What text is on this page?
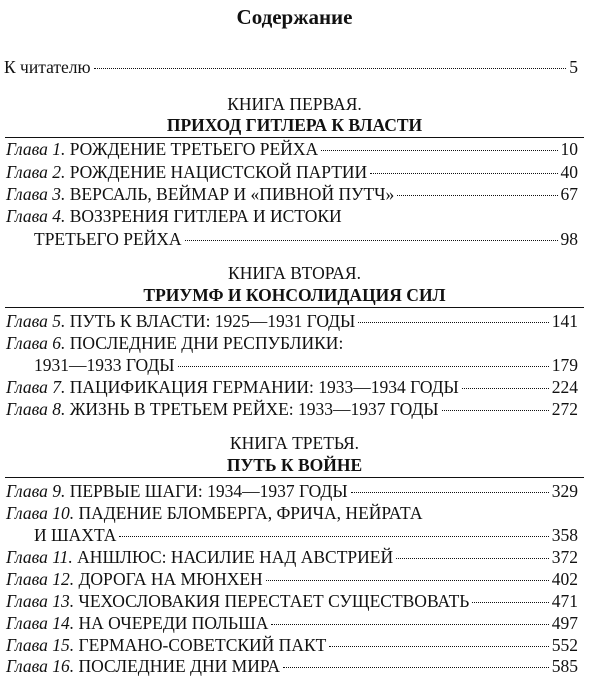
Содержание
К читателю	5
КНИГА ПЕРВАЯ.
ПРИХОД ГИТЛЕРА К ВЛАСТИ
Глава 1. РОЖДЕНИЕ ТРЕТЬЕГО РЕЙХА	10
Глава 2. РОЖДЕНИЕ НАЦИСТСКОЙ ПАРТИИ	40
Глава 3. ВЕРСАЛЬ, ВЕЙМАР И «ПИВНОЙ ПУТЧ»	67
Глава 4. ВОЗЗРЕНИЯ ГИТЛЕРА И ИСТОКИ
ТРЕТЬЕГО РЕЙХА	98
КНИГА ВТОРАЯ.
ТРИУМФ И КОНСОЛИДАЦИЯ СИЛ
Глава 5. ПУТЬ К ВЛАСТИ: 1925—1931 ГОДЫ	141
Глава 6. ПОСЛЕДНИЕ ДНИ РЕСПУБЛИКИ:
1931—1933 ГОДЫ	179
Глава 7. ПАЦИФИКАЦИЯ ГЕРМАНИИ: 1933—1934 ГОДЫ	224
Глава 8. ЖИЗНЬ В ТРЕТЬЕМ РЕЙХЕ: 1933—1937 ГОДЫ	272
КНИГА ТРЕТЬЯ.
ПУТЬ К ВОЙНЕ
Глава 9. ПЕРВЫЕ ШАГИ: 1934—1937 ГОДЫ	329
Глава 10. ПАДЕНИЕ БЛОМБЕРГА, ФРИЧА, НЕЙРАТА
И ШАХТА	358
Глава 11. АНШЛЮС: НАСИЛИЕ НАД АВСТРИЕЙ	372
Глава 12. ДОРОГА НА МЮНХЕН	402
Глава 13. ЧЕХОСЛОВАКИЯ ПЕРЕСТАЕТ СУЩЕСТВОВАТЬ	471
Глава 14. НА ОЧЕРЕДИ ПОЛЬША	497
Глава 15. ГЕРМАНО-СОВЕТСКИЙ ПАКТ	552
Глава 16. ПОСЛЕДНИЕ ДНИ МИРА	585
